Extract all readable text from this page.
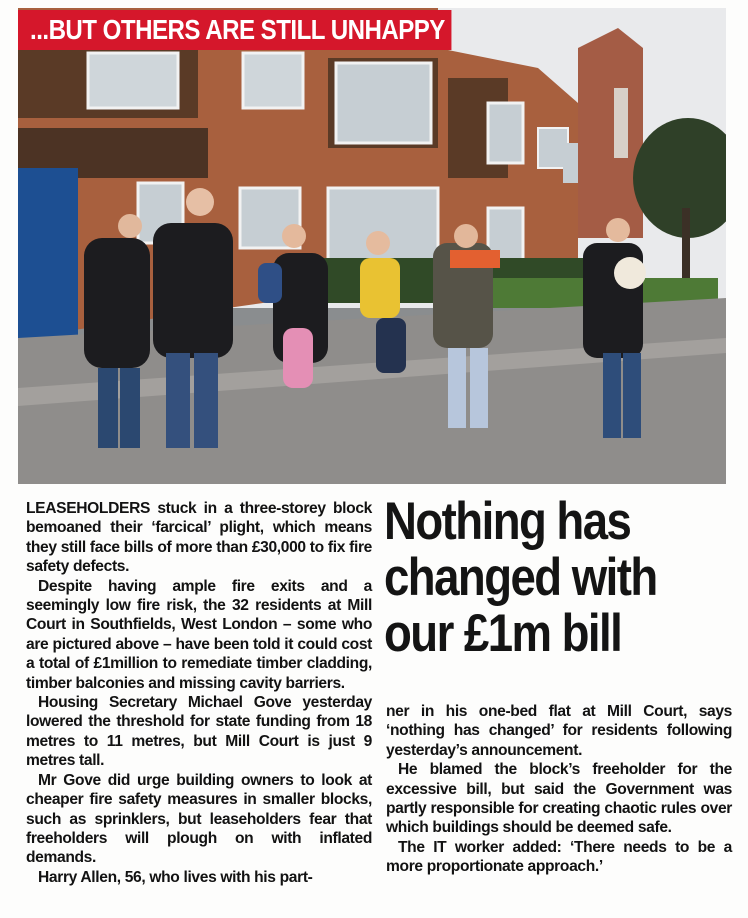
...BUT OTHERS ARE STILL UNHAPPY

LEASEHOLDERS stuck in a three-storey block bemoaned their ‘farcical’ plight, which means they still face bills of more than £30,000 to fix fire safety defects.

Despite having ample fire exits and a seemingly low fire risk, the 32 residents at Mill Court in Southfields, West London – some who are pictured above – have been told it could cost a total of £1million to remediate timber cladding, timber balconies and missing cavity barriers.

Housing Secretary Michael Gove yesterday lowered the threshold for state funding from 18 metres to 11 metres, but Mill Court is just 9 metres tall.

Mr Gove did urge building owners to look at cheaper fire safety measures in smaller blocks, such as sprinklers, but leaseholders fear that freeholders will plough on with inflated demands.

Harry Allen, 56, who lives with his part-

Nothing has
changed with
our £1m bill

ner in his one-bed flat at Mill Court, says ‘nothing has changed’ for residents following yesterday’s announcement.

He blamed the block’s freeholder for the excessive bill, but said the Government was partly responsible for creating chaotic rules over which buildings should be deemed safe.

The IT worker added: ‘There needs to be a more proportionate approach.’
